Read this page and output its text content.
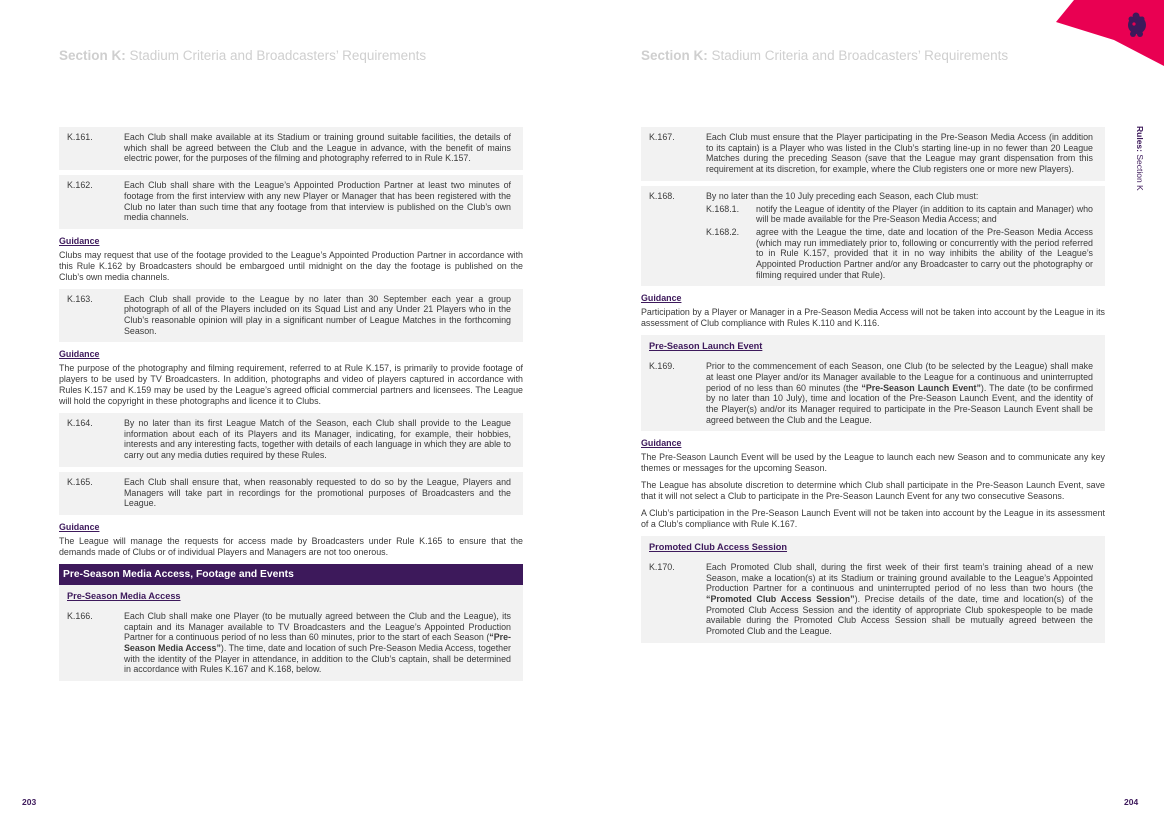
Rules: Section K
Section K: Stadium Criteria and Broadcasters’ Requirements
K.161.	Each Club shall make available at its Stadium or training ground suitable facilities, the details of which shall be agreed between the Club and the League in advance, with the benefit of mains electric power, for the purposes of the filming and photography referred to in Rule K.157.
K.162.	Each Club shall share with the League’s Appointed Production Partner at least two minutes of footage from the first interview with any new Player or Manager that has been registered with the Club no later than such time that any footage from that interview is published on the Club’s own media channels.
Guidance
Clubs may request that use of the footage provided to the League’s Appointed Production Partner in accordance with this Rule K.162 by Broadcasters should be embargoed until midnight on the day the footage is published on the Club’s own media channels.
K.163.	Each Club shall provide to the League by no later than 30 September each year a group photograph of all of the Players included on its Squad List and any Under 21 Players who in the Club’s reasonable opinion will play in a significant number of League Matches in the forthcoming Season.
Guidance
The purpose of the photography and filming requirement, referred to at Rule K.157, is primarily to provide footage of players to be used by TV Broadcasters. In addition, photographs and video of players captured in accordance with Rules K.157 and K.159 may be used by the League’s agreed official commercial partners and licensees. The League will hold the copyright in these photographs and licence it to Clubs.
K.164.	By no later than its first League Match of the Season, each Club shall provide to the League information about each of its Players and its Manager, indicating, for example, their hobbies, interests and any interesting facts, together with details of each language in which they are able to carry out any media duties required by these Rules.
K.165.	Each Club shall ensure that, when reasonably requested to do so by the League, Players and Managers will take part in recordings for the promotional purposes of Broadcasters and the League.
Guidance
The League will manage the requests for access made by Broadcasters under Rule K.165 to ensure that the demands made of Clubs or of individual Players and Managers are not too onerous.
Pre-Season Media Access, Footage and Events
Pre-Season Media Access
K.166.	Each Club shall make one Player (to be mutually agreed between the Club and the League), its captain and its Manager available to TV Broadcasters and the League’s Appointed Production Partner for a continuous period of no less than 60 minutes, prior to the start of each Season (“Pre-Season Media Access”). The time, date and location of such Pre-Season Media Access, together with the identity of the Player in attendance, in addition to the Club’s captain, shall be determined in accordance with Rules K.167 and K.168, below.
203
Section K: Stadium Criteria and Broadcasters’ Requirements
K.167.	Each Club must ensure that the Player participating in the Pre-Season Media Access (in addition to its captain) is a Player who was listed in the Club’s starting line-up in no fewer than 20 League Matches during the preceding Season (save that the League may grant dispensation from this requirement at its discretion, for example, where the Club registers one or more new Players).
K.168.	By no later than the 10 July preceding each Season, each Club must:
K.168.1.	notify the League of identity of the Player (in addition to its captain and Manager) who will be made available for the Pre-Season Media Access; and
K.168.2.	agree with the League the time, date and location of the Pre-Season Media Access (which may run immediately prior to, following or concurrently with the period referred to in Rule K.157, provided that it in no way inhibits the ability of the League’s Appointed Production Partner and/or any Broadcaster to carry out the photography or filming required under that Rule).
Guidance
Participation by a Player or Manager in a Pre-Season Media Access will not be taken into account by the League in its assessment of Club compliance with Rules K.110 and K.116.
Pre-Season Launch Event
K.169.	Prior to the commencement of each Season, one Club (to be selected by the League) shall make at least one Player and/or its Manager available to the League for a continuous and uninterrupted period of no less than 60 minutes (the “Pre-Season Launch Event”). The date (to be confirmed by no later than 10 July), time and location of the Pre-Season Launch Event, and the identity of the Player(s) and/or its Manager required to participate in the Pre-Season Launch Event shall be agreed between the Club and the League.
Guidance
The Pre-Season Launch Event will be used by the League to launch each new Season and to communicate any key themes or messages for the upcoming Season.
The League has absolute discretion to determine which Club shall participate in the Pre-Season Launch Event, save that it will not select a Club to participate in the Pre-Season Launch Event for any two consecutive Seasons.
A Club’s participation in the Pre-Season Launch Event will not be taken into account by the League in its assessment of a Club’s compliance with Rule K.167.
Promoted Club Access Session
K.170.	Each Promoted Club shall, during the first week of their first team’s training ahead of a new Season, make a location(s) at its Stadium or training ground available to the League’s Appointed Production Partner for a continuous and uninterrupted period of no less than two hours (the “Promoted Club Access Session”). Precise details of the date, time and location(s) of the Promoted Club Access Session and the identity of appropriate Club spokespeople to be made available during the Promoted Club Access Session shall be mutually agreed between the Promoted Club and the League.
204
